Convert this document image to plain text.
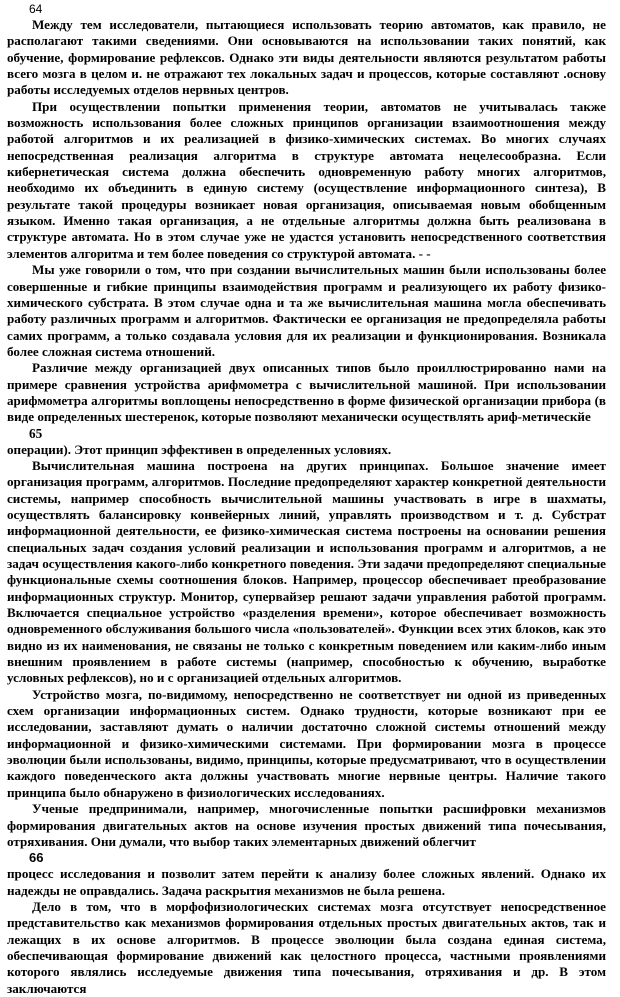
64

Между тем исследователи, пытающиеся использовать теорию автоматов, как правило, не располагают такими сведениями. Они основываются на использовании таких понятий, как обучение, формирование рефлексов. Однако эти виды деятельности являются результатом работы всего мозга в целом и. не отражают тех локальных задач и процессов, которые составляют .основу работы исследуемых отделов нервных центров.

При осуществлении попытки применения теории, автоматов не учитывалась также возможность использования более сложных принципов организации взаимоотношения между работой алгоритмов и их реализацией в физико-химических системах. Во многих случаях непосредственная реализация алгоритма в структуре автомата нецелесообразна. Если кибернетическая система должна обеспечить одновременную работу многих алгоритмов, необходимо их объединить в единую систему (осуществление информационного синтеза), В результате такой процедуры возникает новая организация, описываемая новым обобщенным языком. Именно такая организация, а не отдельные алгоритмы должна быть реализована в структуре автомата. Но в этом случае уже не удастся установить непосредственного соответствия элементов алгоритма и тем более поведения со структурой автомата. - -

Мы уже говорили о том, что при создании вычислительных машин были использованы более совершенные и гибкие принципы взаимодействия программ и реализующего их работу физико-химического субстрата. В этом случае одна и та же вычислительная машина могла обеспечивать работу различных программ и алгоритмов. Фактически ее организация не предопределяла работы самих программ, а только создавала условия для их реализации и функционирования. Возникала более сложная система отношений.

Различие между организацией двух описанных типов было проиллюстрированно нами на примере сравнения устройства арифмометра с вычислительной машиной. При использовании арифмометра алгоритмы воплощены непосредственно в форме физической организации прибора (в виде определенных шестеренок, которые позволяют механически осуществлять ариф-метическйе

65

операции). Этот принцип эффективен в определенных условиях.

Вычислительная машина построена на других принципах. Большое значение имеет организация программ, алгоритмов. Последние предопределяют характер конкретной деятельности системы, например способность вычислительной машины участвовать в игре в шахматы, осуществлять балансировку конвейерных линий, управлять производством и т. д. Субстрат информационной деятельности, ее физико-химическая система построены на основании решения специальных задач создания условий реализации и использования программ и алгоритмов, а не задач осуществления какого-либо конкретного поведения. Эти задачи предопределяют специальные функциональные схемы соотношения блоков. Например, процессор обеспечивает преобразование информационных структур. Монитор, супервайзер решают задачи управления работой программ. Включается специальное устройство «разделения времени», которое обеспечивает возможность одновременного обслуживания большого числа «пользователей». Функции всех этих блоков, как это видно из их наименования, не связаны не только с конкретным поведением или каким-либо иным внешним проявлением в работе системы (например, способностью к обучению, выработке условных рефлексов), но и с организацией отдельных алгоритмов.

Устройство мозга, по-видимому, непосредственно не соответствует ни одной из приведенных схем организации информационных систем. Однако трудности, которые возникают при ее исследовании, заставляют думать о наличии достаточно сложной системы отношений между информационной и физико-химическими системами. При формировании мозга в процессе эволюции были использованы, видимо, принципы, которые предусматривают, что в осуществлении каждого поведенческого акта должны участвовать многие нервные центры. Наличие такого принципа было обнаружено в физиологических исследованиях.

Ученые предпринимали, например, многочисленные попытки расшифровки механизмов формирования двигательных актов на основе изучения простых движений типа почесывания, отряхивания. Они думали, что выбор таких элементарных движений облегчит

66

процесс исследования и позволит затем перейти к анализу более сложных явлений. Однако их надежды не оправдались. Задача раскрытия механизмов не была решена.

Дело в том, что в морфофизиологических системах мозга отсутствует непосредственное представительство как механизмов формирования отдельных простых двигательных актов, так и лежащих в их основе алгоритмов. В процессе эволюции была создана единая система, обеспечивающая формирование движений как целостного процесса, частными проявлениями которого являлись исследуемые движения типа почесывания, отряхивания и др. В этом заключаются
